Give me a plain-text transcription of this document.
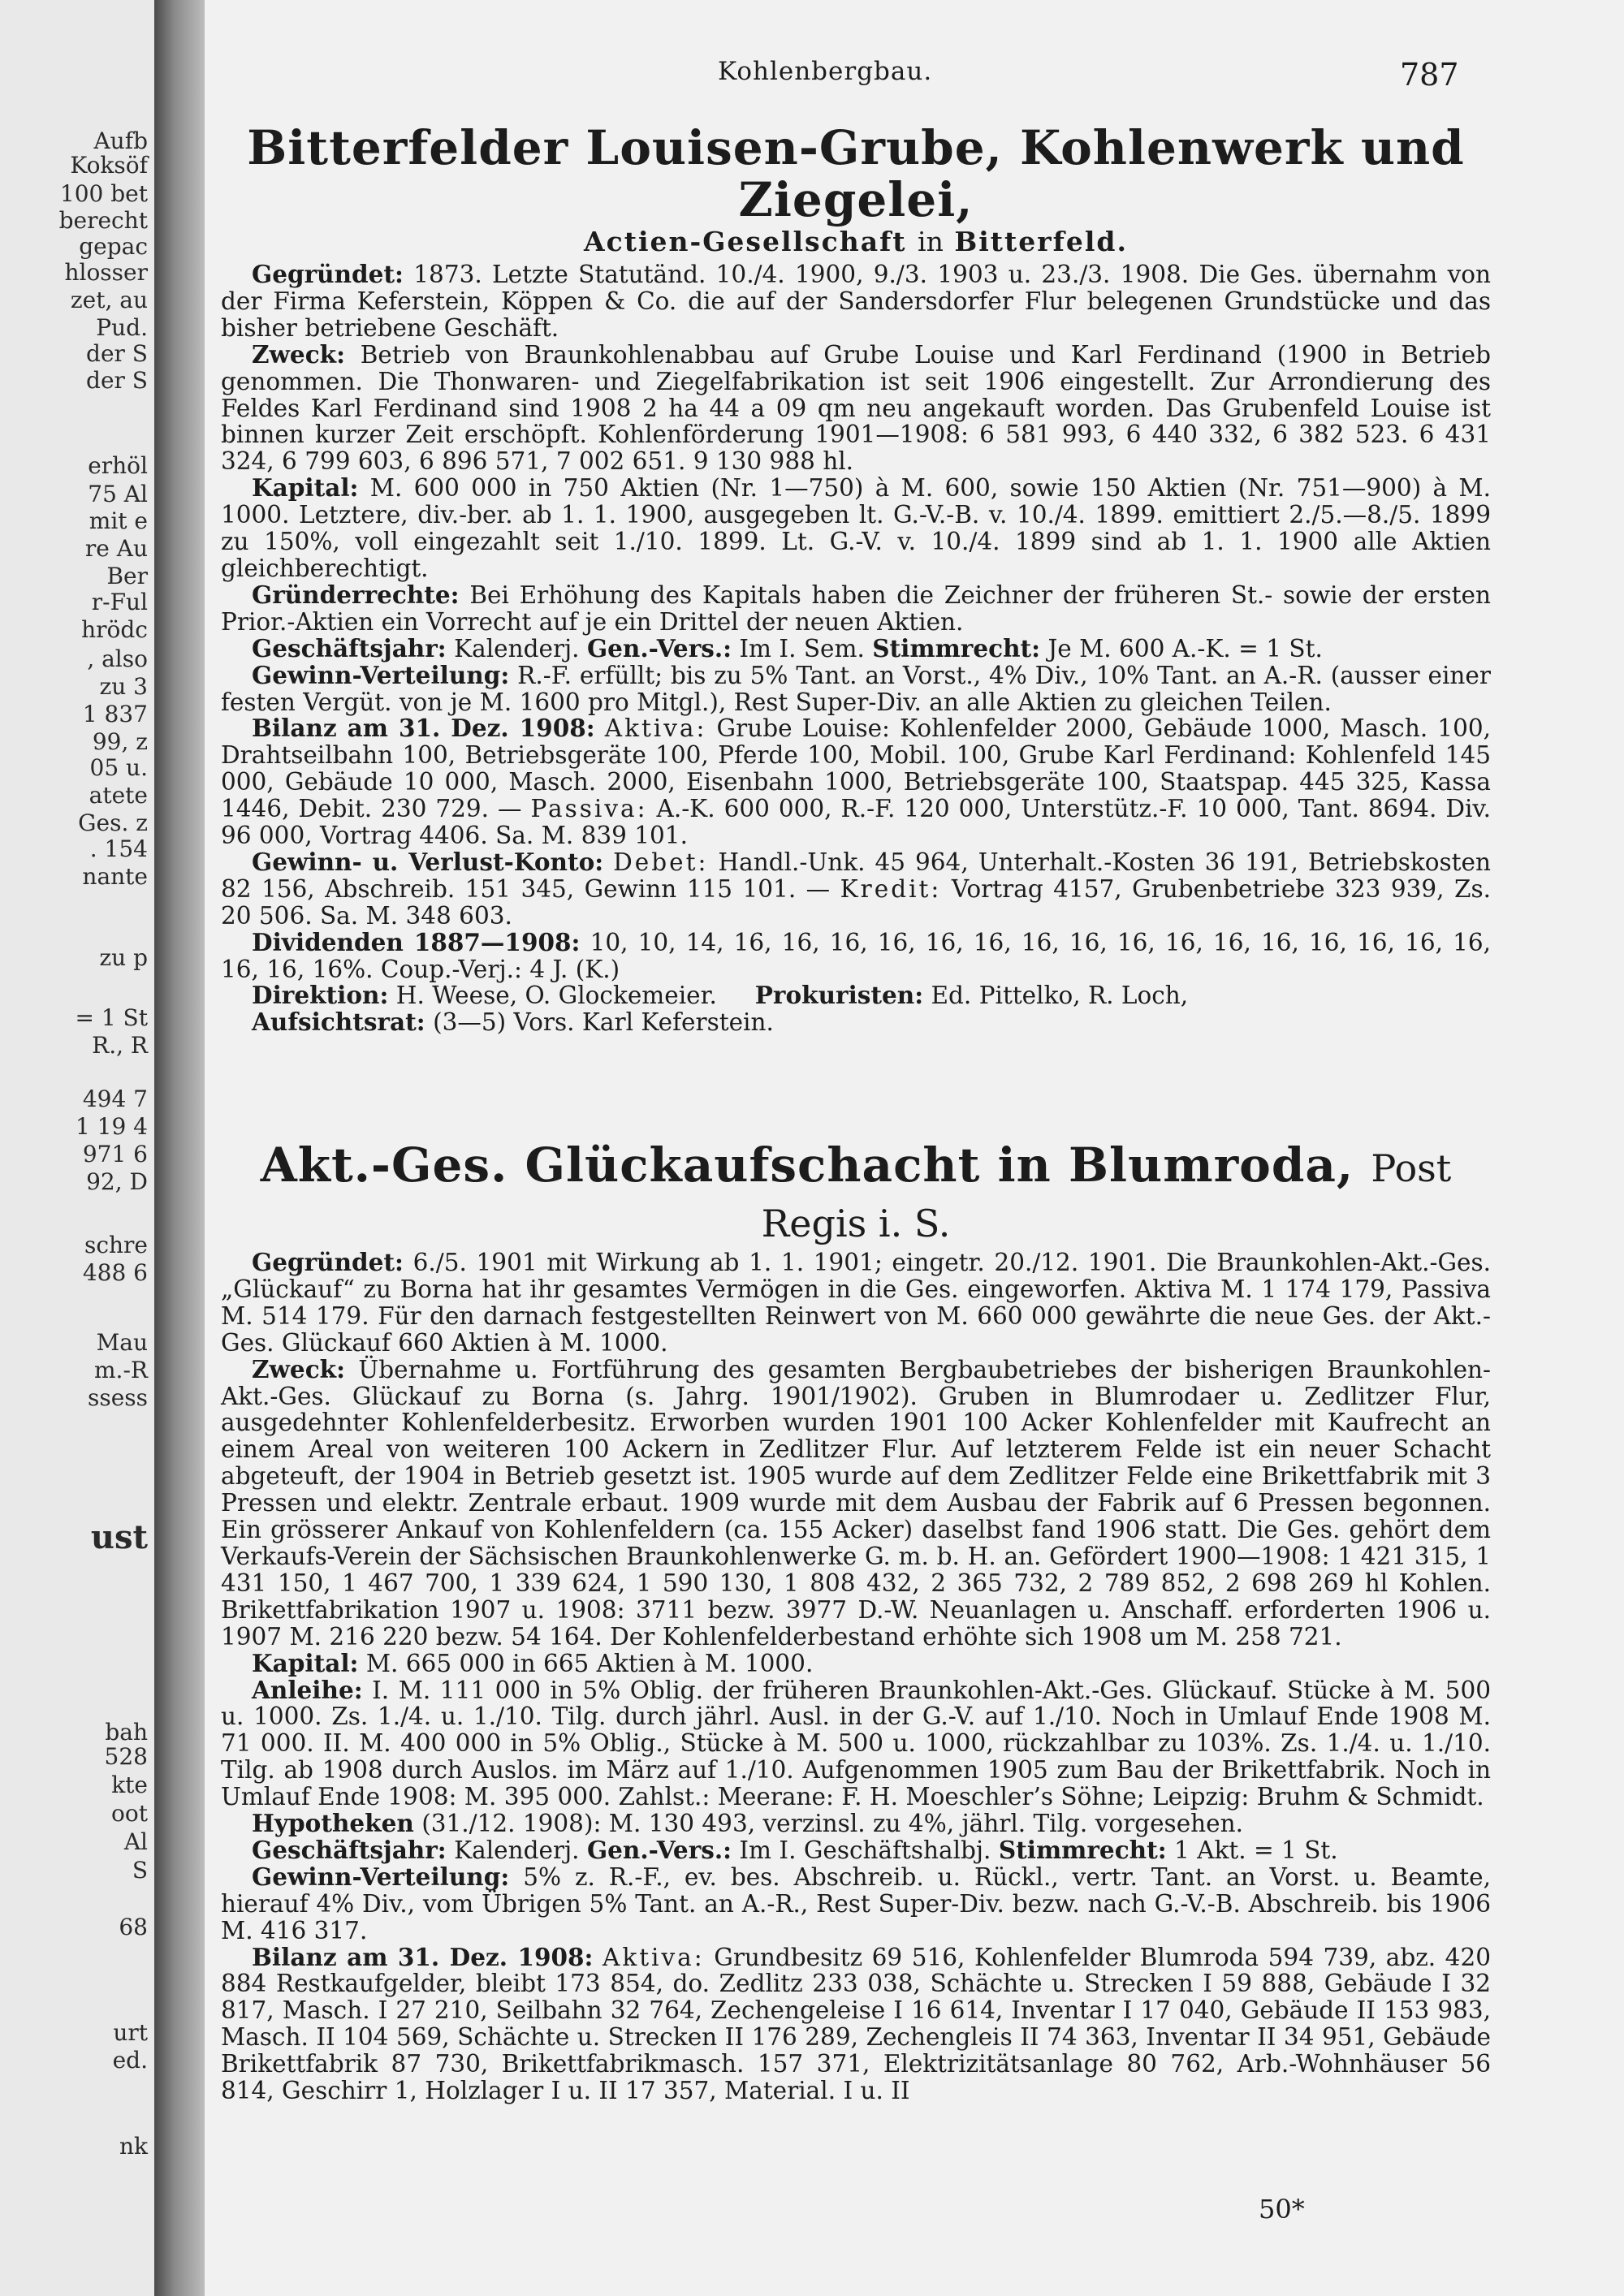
Aufb
Koksöf
100 bet
berecht
gepac
hlosser
zet, au
Pud.
der S
der S
erhöl
75 Al
mit e
re Au
Ber
r-Ful
hrödc
, also
zu 3
1 837
99, z
05 u.
atete
Ges. z
. 154
nante
zu p
= 1 St
R., R
494 7
1 19 4
971 6
92, D
schre
488 6
Mau
m.-R
ssess
ust
bah
528
kte
oot
Al
S
68
urt
ed.
nk
Kohlenbergbau.	787
Bitterfelder Louisen-Grube, Kohlenwerk und Ziegelei,
Actien-Gesellschaft in Bitterfeld.

Gegründet: 1873. Letzte Statutänd. 10./4. 1900, 9./3. 1903 u. 23./3. 1908. Die Ges. übernahm von der Firma Keferstein, Köppen & Co. die auf der Sandersdorfer Flur belegenen Grundstücke und das bisher betriebene Geschäft.

Zweck: Betrieb von Braunkohlenabbau auf Grube Louise und Karl Ferdinand (1900 in Betrieb genommen. Die Thonwaren- und Ziegelfabrikation ist seit 1906 eingestellt. Zur Arrondierung des Feldes Karl Ferdinand sind 1908 2 ha 44 a 09 qm neu angekauft worden. Das Grubenfeld Louise ist binnen kurzer Zeit erschöpft. Kohlenförderung 1901—1908: 6 581 993, 6 440 332, 6 382 523. 6 431 324, 6 799 603, 6 896 571, 7 002 651. 9 130 988 hl.

Kapital: M. 600 000 in 750 Aktien (Nr. 1—750) à M. 600, sowie 150 Aktien (Nr. 751—900) à M. 1000. Letztere, div.-ber. ab 1. 1. 1900, ausgegeben lt. G.-V.-B. v. 10./4. 1899. emittiert 2./5.—8./5. 1899 zu 150%, voll eingezahlt seit 1./10. 1899. Lt. G.-V. v. 10./4. 1899 sind ab 1. 1. 1900 alle Aktien gleichberechtigt.

Gründerrechte: Bei Erhöhung des Kapitals haben die Zeichner der früheren St.- sowie der ersten Prior.-Aktien ein Vorrecht auf je ein Drittel der neuen Aktien.

Geschäftsjahr: Kalenderj. Gen.-Vers.: Im I. Sem. Stimmrecht: Je M. 600 A.-K. = 1 St.

Gewinn-Verteilung: R.-F. erfüllt; bis zu 5% Tant. an Vorst., 4% Div., 10% Tant. an A.-R. (ausser einer festen Vergüt. von je M. 1600 pro Mitgl.), Rest Super-Div. an alle Aktien zu gleichen Teilen.

Bilanz am 31. Dez. 1908: Aktiva: Grube Louise: Kohlenfelder 2000, Gebäude 1000, Masch. 100, Drahtseilbahn 100, Betriebsgeräte 100, Pferde 100, Mobil. 100, Grube Karl Ferdinand: Kohlenfeld 145 000, Gebäude 10 000, Masch. 2000, Eisenbahn 1000, Betriebsgeräte 100, Staatspap. 445 325, Kassa 1446, Debit. 230 729. — Passiva: A.-K. 600 000, R.-F. 120 000, Unterstütz.-F. 10 000, Tant. 8694. Div. 96 000, Vortrag 4406. Sa. M. 839 101.

Gewinn- u. Verlust-Konto: Debet: Handl.-Unk. 45 964, Unterhalt.-Kosten 36 191, Betriebskosten 82 156, Abschreib. 151 345, Gewinn 115 101. — Kredit: Vortrag 4157, Grubenbetriebe 323 939, Zs. 20 506. Sa. M. 348 603.

Dividenden 1887—1908: 10, 10, 14, 16, 16, 16, 16, 16, 16, 16, 16, 16, 16, 16, 16, 16, 16, 16, 16, 16, 16, 16%. Coup.-Verj.: 4 J. (K.)

Direktion: H. Weese, O. Glockemeier. Prokuristen: Ed. Pittelko, R. Loch,

Aufsichtsrat: (3—5) Vors. Karl Keferstein.

Akt.-Ges. Glückaufschacht in Blumroda, Post Regis i. S.

Gegründet: 6./5. 1901 mit Wirkung ab 1. 1. 1901; eingetr. 20./12. 1901. Die Braunkohlen-Akt.-Ges. „Glückauf“ zu Borna hat ihr gesamtes Vermögen in die Ges. eingeworfen. Aktiva M. 1 174 179, Passiva M. 514 179. Für den darnach festgestellten Reinwert von M. 660 000 gewährte die neue Ges. der Akt.-Ges. Glückauf 660 Aktien à M. 1000.

Zweck: Übernahme u. Fortführung des gesamten Bergbaubetriebes der bisherigen Braunkohlen-Akt.-Ges. Glückauf zu Borna (s. Jahrg. 1901/1902). Gruben in Blumrodaer u. Zedlitzer Flur, ausgedehnter Kohlenfelderbesitz. Erworben wurden 1901 100 Acker Kohlenfelder mit Kaufrecht an einem Areal von weiteren 100 Ackern in Zedlitzer Flur. Auf letzterem Felde ist ein neuer Schacht abgeteuft, der 1904 in Betrieb gesetzt ist. 1905 wurde auf dem Zedlitzer Felde eine Brikettfabrik mit 3 Pressen und elektr. Zentrale erbaut. 1909 wurde mit dem Ausbau der Fabrik auf 6 Pressen begonnen. Ein grösserer Ankauf von Kohlenfeldern (ca. 155 Acker) daselbst fand 1906 statt. Die Ges. gehört dem Verkaufs-Verein der Sächsischen Braunkohlenwerke G. m. b. H. an. Gefördert 1900—1908: 1 421 315, 1 431 150, 1 467 700, 1 339 624, 1 590 130, 1 808 432, 2 365 732, 2 789 852, 2 698 269 hl Kohlen. Brikettfabrikation 1907 u. 1908: 3711 bezw. 3977 D.-W. Neuanlagen u. Anschaff. erforderten 1906 u. 1907 M. 216 220 bezw. 54 164. Der Kohlenfelderbestand erhöhte sich 1908 um M. 258 721.

Kapital: M. 665 000 in 665 Aktien à M. 1000.

Anleihe: I. M. 111 000 in 5% Oblig. der früheren Braunkohlen-Akt.-Ges. Glückauf. Stücke à M. 500 u. 1000. Zs. 1./4. u. 1./10. Tilg. durch jährl. Ausl. in der G.-V. auf 1./10. Noch in Umlauf Ende 1908 M. 71 000. II. M. 400 000 in 5% Oblig., Stücke à M. 500 u. 1000, rückzahlbar zu 103%. Zs. 1./4. u. 1./10. Tilg. ab 1908 durch Auslos. im März auf 1./10. Aufgenommen 1905 zum Bau der Brikettfabrik. Noch in Umlauf Ende 1908: M. 395 000. Zahlst.: Meerane: F. H. Moeschler’s Söhne; Leipzig: Bruhm & Schmidt.

Hypotheken (31./12. 1908): M. 130 493, verzinsl. zu 4%, jährl. Tilg. vorgesehen.

Geschäftsjahr: Kalenderj. Gen.-Vers.: Im I. Geschäftshalbj. Stimmrecht: 1 Akt. = 1 St.

Gewinn-Verteilung: 5% z. R.-F., ev. bes. Abschreib. u. Rückl., vertr. Tant. an Vorst. u. Beamte, hierauf 4% Div., vom Übrigen 5% Tant. an A.-R., Rest Super-Div. bezw. nach G.-V.-B. Abschreib. bis 1906 M. 416 317.

Bilanz am 31. Dez. 1908: Aktiva: Grundbesitz 69 516, Kohlenfelder Blumroda 594 739, abz. 420 884 Restkaufgelder, bleibt 173 854, do. Zedlitz 233 038, Schächte u. Strecken I 59 888, Gebäude I 32 817, Masch. I 27 210, Seilbahn 32 764, Zechengeleise I 16 614, Inventar I 17 040, Gebäude II 153 983, Masch. II 104 569, Schächte u. Strecken II 176 289, Zechengleis II 74 363, Inventar II 34 951, Gebäude Brikettfabrik 87 730, Brikettfabrikmasch. 157 371, Elektrizitätsanlage 80 762, Arb.-Wohnhäuser 56 814, Geschirr 1, Holzlager I u. II 17 357, Material. I u. II

50*
